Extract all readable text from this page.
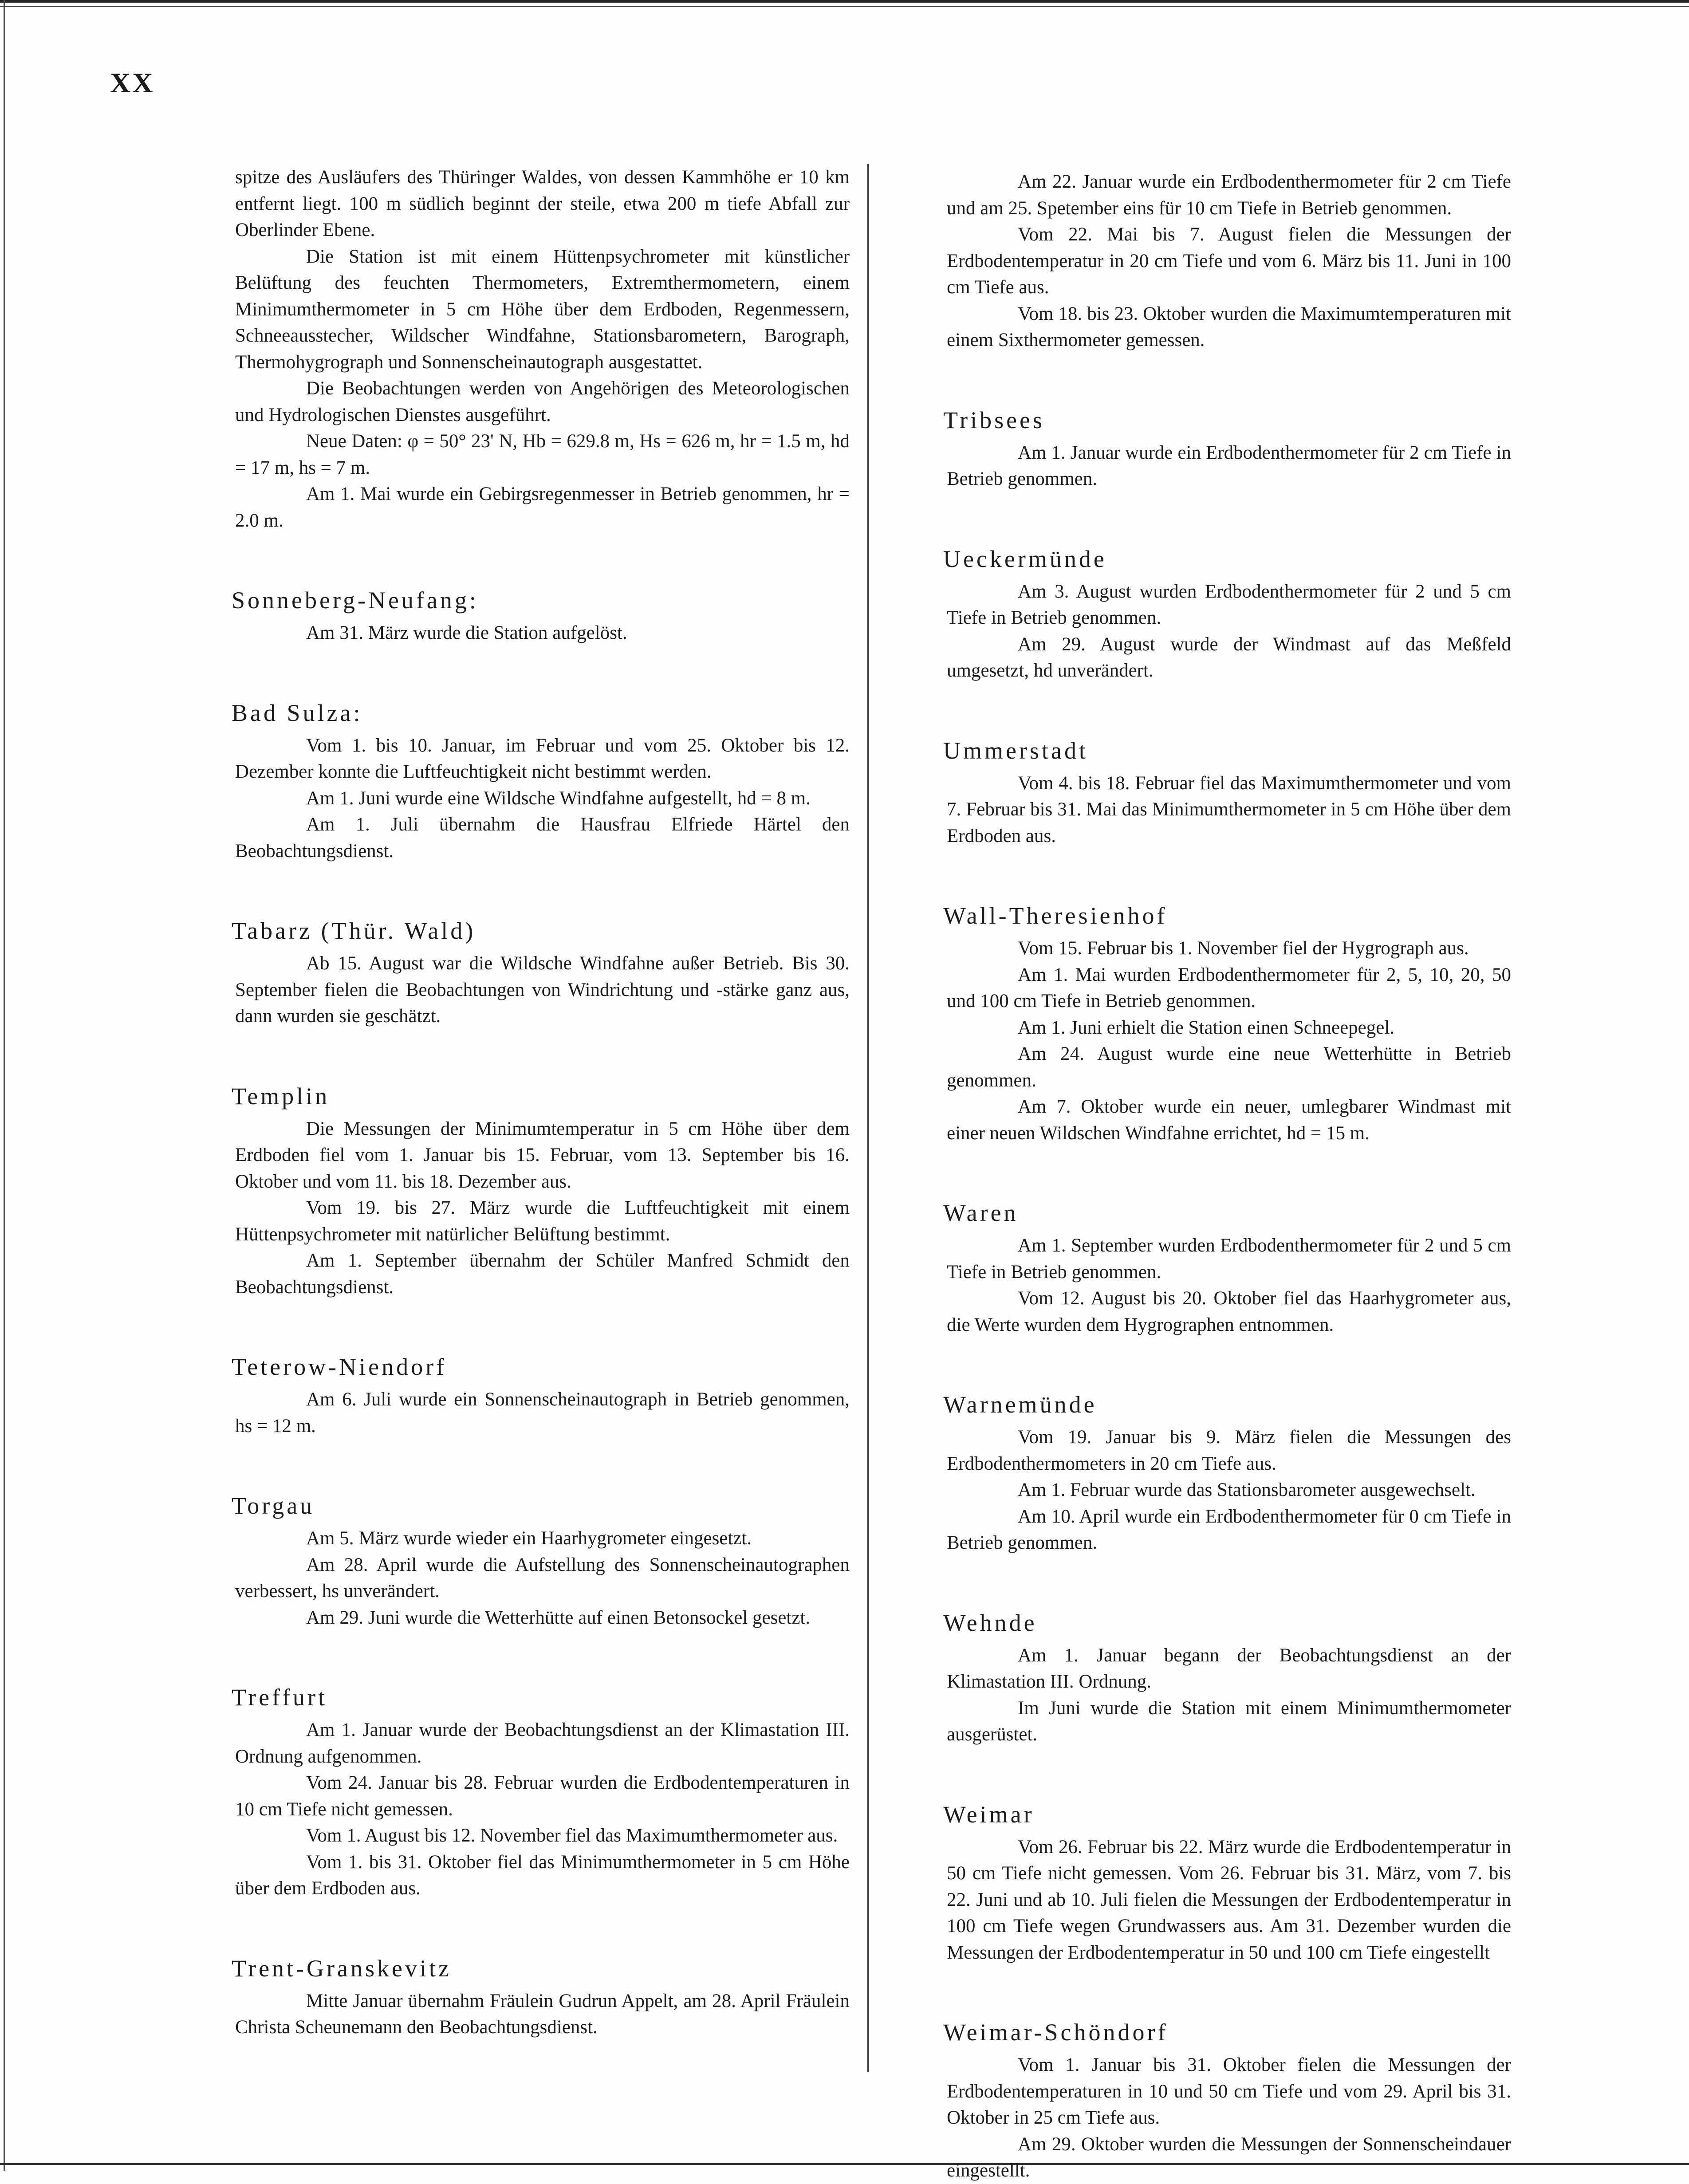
XX

spitze des Ausläufers des Thüringer Waldes, von dessen Kammhöhe er 10 km entfernt liegt. 100 m südlich beginnt der steile, etwa 200 m tiefe Abfall zur Oberlinder Ebene.

Die Station ist mit einem Hüttenpsychrometer mit künstlicher Belüftung des feuchten Thermometers, Extremthermometern, einem Minimumthermometer in 5 cm Höhe über dem Erdboden, Regenmessern, Schneeausstecher, Wildscher Windfahne, Stationsbarometern, Barograph, Thermohygrograph und Sonnenscheinautograph ausgestattet.

Die Beobachtungen werden von Angehörigen des Meteorologischen und Hydrologischen Dienstes ausgeführt.

Neue Daten: φ = 50° 23' N, Hb = 629.8 m, Hs = 626 m, hr = 1.5 m, hd = 17 m, hs = 7 m.

Am 1. Mai wurde ein Gebirgsregenmesser in Betrieb genommen, hr = 2.0 m.

Sonneberg-Neufang:

Am 31. März wurde die Station aufgelöst.

Bad Sulza:

Vom 1. bis 10. Januar, im Februar und vom 25. Oktober bis 12. Dezember konnte die Luftfeuchtigkeit nicht bestimmt werden.

Am 1. Juni wurde eine Wildsche Windfahne aufgestellt, hd = 8 m.

Am 1. Juli übernahm die Hausfrau Elfriede Härtel den Beobachtungsdienst.

Tabarz (Thür. Wald)

Ab 15. August war die Wildsche Windfahne außer Betrieb. Bis 30. September fielen die Beobachtungen von Windrichtung und -stärke ganz aus, dann wurden sie geschätzt.

Templin

Die Messungen der Minimumtemperatur in 5 cm Höhe über dem Erdboden fiel vom 1. Januar bis 15. Februar, vom 13. September bis 16. Oktober und vom 11. bis 18. Dezember aus.

Vom 19. bis 27. März wurde die Luftfeuchtigkeit mit einem Hüttenpsychrometer mit natürlicher Belüftung bestimmt.

Am 1. September übernahm der Schüler Manfred Schmidt den Beobachtungsdienst.

Teterow-Niendorf

Am 6. Juli wurde ein Sonnenscheinautograph in Betrieb genommen, hs = 12 m.

Torgau

Am 5. März wurde wieder ein Haarhygrometer eingesetzt.

Am 28. April wurde die Aufstellung des Sonnenscheinautographen verbessert, hs unverändert.

Am 29. Juni wurde die Wetterhütte auf einen Betonsockel gesetzt.

Treffurt

Am 1. Januar wurde der Beobachtungsdienst an der Klimastation III. Ordnung aufgenommen.

Vom 24. Januar bis 28. Februar wurden die Erdbodentemperaturen in 10 cm Tiefe nicht gemessen.

Vom 1. August bis 12. November fiel das Maximumthermometer aus.

Vom 1. bis 31. Oktober fiel das Minimumthermometer in 5 cm Höhe über dem Erdboden aus.

Trent-Granskevitz

Mitte Januar übernahm Fräulein Gudrun Appelt, am 28. April Fräulein Christa Scheunemann den Beobachtungsdienst.

Am 22. Januar wurde ein Erdbodenthermometer für 2 cm Tiefe und am 25. Spetember eins für 10 cm Tiefe in Betrieb genommen.

Vom 22. Mai bis 7. August fielen die Messungen der Erdbodentemperatur in 20 cm Tiefe und vom 6. März bis 11. Juni in 100 cm Tiefe aus.

Vom 18. bis 23. Oktober wurden die Maximumtemperaturen mit einem Sixthermometer gemessen.

Tribsees

Am 1. Januar wurde ein Erdbodenthermometer für 2 cm Tiefe in Betrieb genommen.

Ueckermünde

Am 3. August wurden Erdbodenthermometer für 2 und 5 cm Tiefe in Betrieb genommen.

Am 29. August wurde der Windmast auf das Meßfeld umgesetzt, hd unverändert.

Ummerstadt

Vom 4. bis 18. Februar fiel das Maximumthermometer und vom 7. Februar bis 31. Mai das Minimumthermometer in 5 cm Höhe über dem Erdboden aus.

Wall-Theresienhof

Vom 15. Februar bis 1. November fiel der Hygrograph aus.

Am 1. Mai wurden Erdbodenthermometer für 2, 5, 10, 20, 50 und 100 cm Tiefe in Betrieb genommen.

Am 1. Juni erhielt die Station einen Schneepegel.

Am 24. August wurde eine neue Wetterhütte in Betrieb genommen.

Am 7. Oktober wurde ein neuer, umlegbarer Windmast mit einer neuen Wildschen Windfahne errichtet, hd = 15 m.

Waren

Am 1. September wurden Erdbodenthermometer für 2 und 5 cm Tiefe in Betrieb genommen.

Vom 12. August bis 20. Oktober fiel das Haarhygrometer aus, die Werte wurden dem Hygrographen entnommen.

Warnemünde

Vom 19. Januar bis 9. März fielen die Messungen des Erdbodenthermometers in 20 cm Tiefe aus.

Am 1. Februar wurde das Stationsbarometer ausgewechselt.

Am 10. April wurde ein Erdbodenthermometer für 0 cm Tiefe in Betrieb genommen.

Wehnde

Am 1. Januar begann der Beobachtungsdienst an der Klimastation III. Ordnung.

Im Juni wurde die Station mit einem Minimumthermometer ausgerüstet.

Weimar

Vom 26. Februar bis 22. März wurde die Erdbodentemperatur in 50 cm Tiefe nicht gemessen. Vom 26. Februar bis 31. März, vom 7. bis 22. Juni und ab 10. Juli fielen die Messungen der Erdbodentemperatur in 100 cm Tiefe wegen Grundwassers aus. Am 31. Dezember wurden die Messungen der Erdbodentemperatur in 50 und 100 cm Tiefe eingestellt

Weimar-Schöndorf

Vom 1. Januar bis 31. Oktober fielen die Messungen der Erdbodentemperaturen in 10 und 50 cm Tiefe und vom 29. April bis 31. Oktober in 25 cm Tiefe aus.

Am 29. Oktober wurden die Messungen der Sonnenscheindauer eingestellt.
